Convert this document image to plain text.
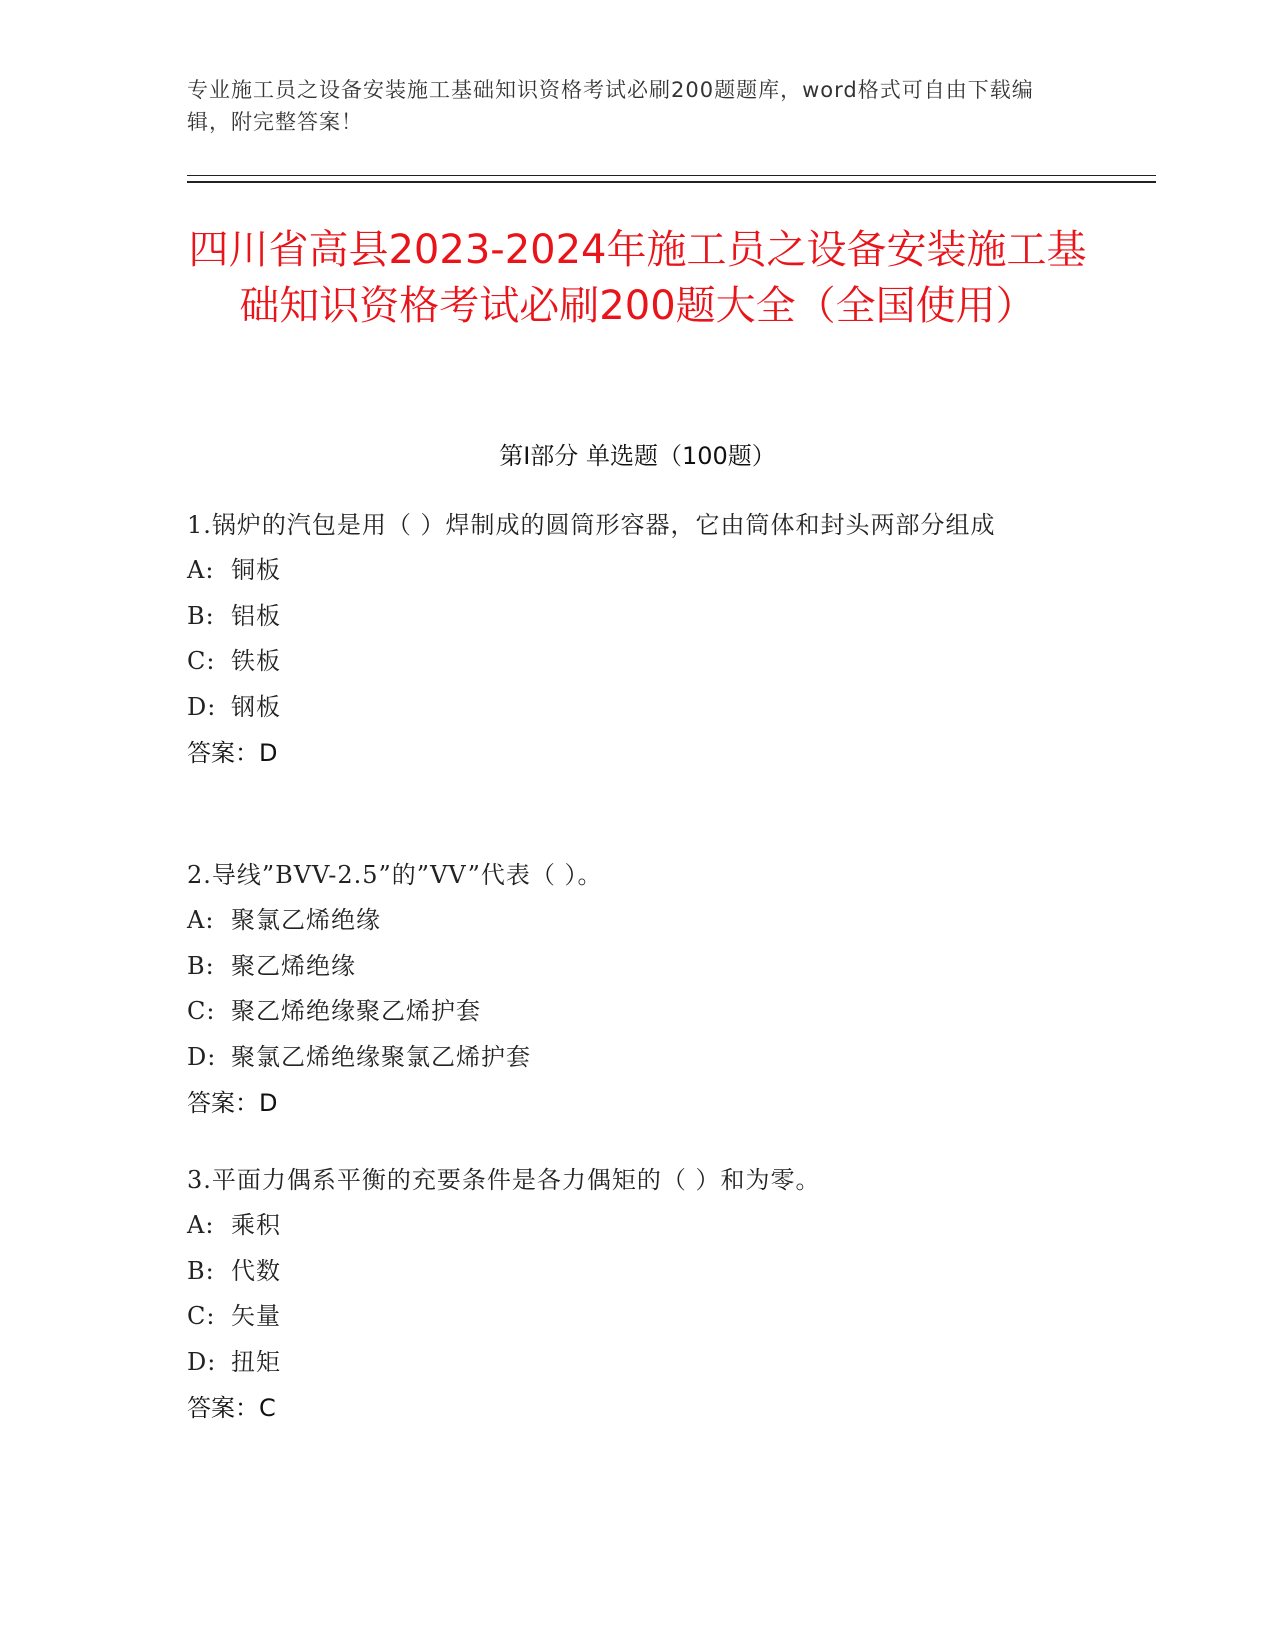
专业施工员之设备安装施工基础知识资格考试必刷200题题库，word格式可自由下载编辑，附完整答案！
四川省高县2023-2024年施工员之设备安装施工基础知识资格考试必刷200题大全（全国使用）
第Ⅰ部分 单选题（100题）
1.锅炉的汽包是用（ ）焊制成的圆筒形容器，它由筒体和封头两部分组成
A: 铜板
B: 铝板
C: 铁板
D: 钢板
答案：D
2.导线”BVV-2.5”的”VV”代表（ ）。
A: 聚氯乙烯绝缘
B: 聚乙烯绝缘
C: 聚乙烯绝缘聚乙烯护套
D: 聚氯乙烯绝缘聚氯乙烯护套
答案：D
3.平面力偶系平衡的充要条件是各力偶矩的（ ）和为零。
A: 乘积
B: 代数
C: 矢量
D: 扭矩
答案：C
